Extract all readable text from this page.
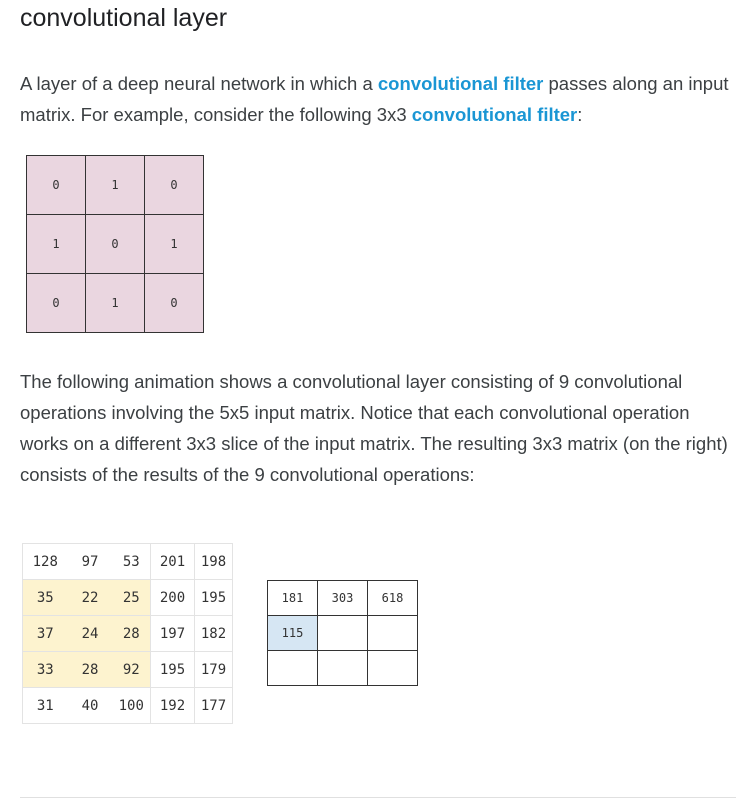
convolutional layer

A layer of a deep neural network in which a convolutional filter passes along an input matrix. For example, consider the following 3x3 convolutional filter:

0	1	0
1	0	1
0	1	0

The following animation shows a convolutional layer consisting of 9 convolutional operations involving the 5x5 input matrix. Notice that each convolutional operation works on a different 3x3 slice of the input matrix. The resulting 3x3 matrix (on the right) consists of the results of the 9 convolutional operations:

128	97	53	201	198
35	22	25	200	195
37	24	28	197	182
33	28	92	195	179
31	40	100	192	177
181	303	618
115		
